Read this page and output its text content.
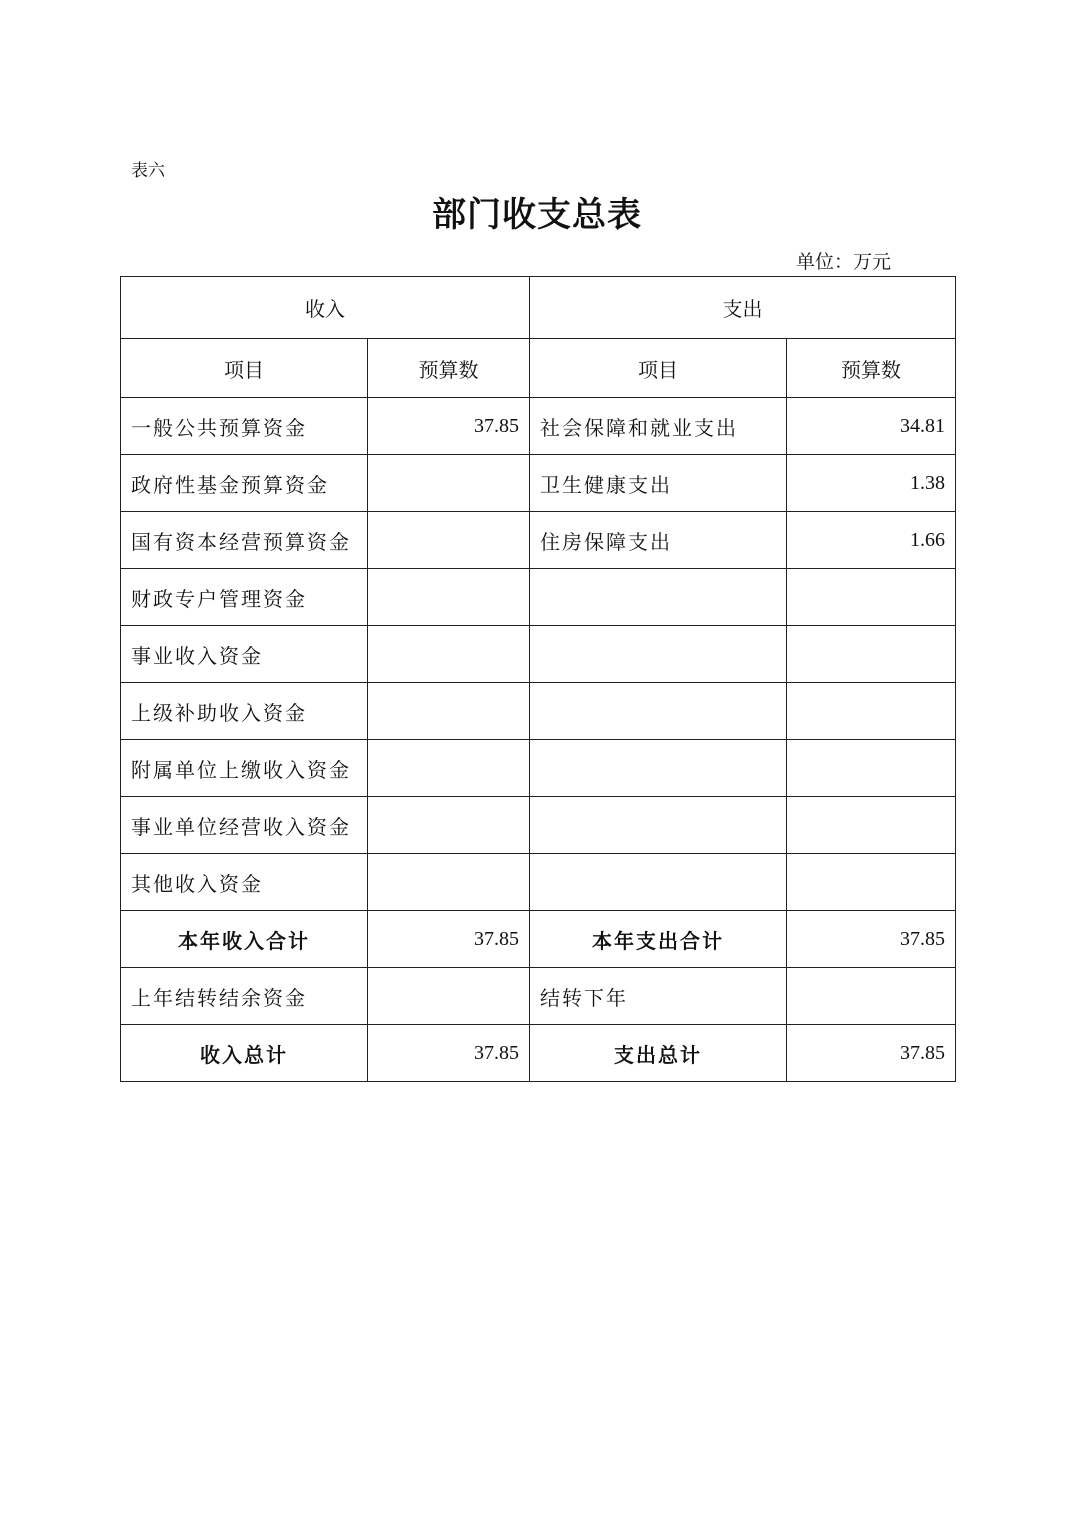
表六
部门收支总表
单位：万元
收入		支出	
项目	预算数	项目	预算数
一般公共预算资金	37.85	社会保障和就业支出	34.81
政府性基金预算资金		卫生健康支出	1.38
国有资本经营预算资金		住房保障支出	1.66
财政专户管理资金			
事业收入资金			
上级补助收入资金			
附属单位上缴收入资金			
事业单位经营收入资金			
其他收入资金			
本年收入合计	37.85	本年支出合计	37.85
上年结转结余资金		结转下年	
收入总计	37.85	支出总计	37.85
